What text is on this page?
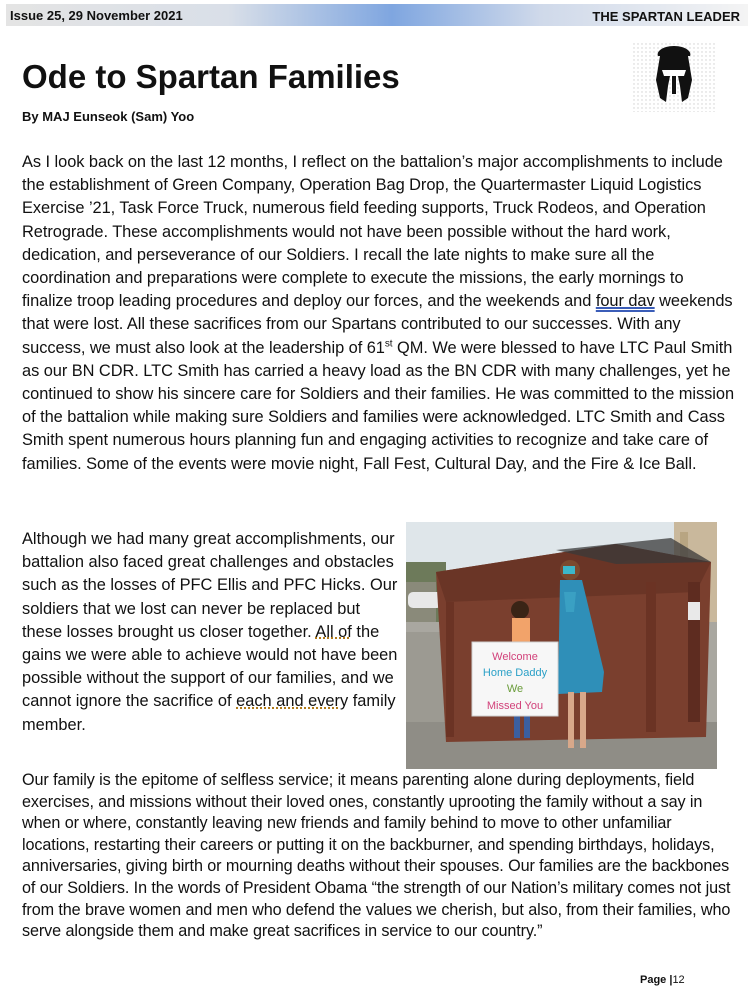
Issue 25, 29 November 2021	THE SPARTAN LEADER
Ode to Spartan Families
By MAJ Eunseok (Sam) Yoo

As I look back on the last 12 months, I reflect on the battalion’s major accomplishments to include the establishment of Green Company, Operation Bag Drop, the Quartermaster Liquid Logistics Exercise ’21, Task Force Truck, numerous field feeding supports, Truck Rodeos, and Operation Retrograde. These accomplishments would not have been possible without the hard work, dedication, and perseverance of our Soldiers. I recall the late nights to make sure all the coordination and preparations were complete to execute the missions, the early mornings to finalize troop leading procedures and deploy our forces, and the weekends and four dav weekends that were lost. All these sacrifices from our Spartans contributed to our successes. With any success, we must also look at the leadership of 61st QM. We were blessed to have LTC Paul Smith as our BN CDR. LTC Smith has carried a heavy load as the BN CDR with many challenges, yet he continued to show his sincere care for Soldiers and their families. He was committed to the mission of the battalion while making sure Soldiers and families were acknowledged. LTC Smith and Cass Smith spent numerous hours planning fun and engaging activities to recognize and take care of families. Some of the events were movie night, Fall Fest, Cultural Day, and the Fire & Ice Ball.

Although we had many great accomplishments, our battalion also faced great challenges and obstacles such as the losses of PFC Ellis and PFC Hicks. Our soldiers that we lost can never be replaced but these losses brought us closer together. All of the gains we were able to achieve would not have been possible without the support of our families, and we cannot ignore the sacrifice of each and every family member.

Welcome
Home Daddy
We
Missed You

Our family is the epitome of selfless service; it means parenting alone during deployments, field exercises, and missions without their loved ones, constantly uprooting the family without a say in when or where, constantly leaving new friends and family behind to move to other unfamiliar locations, restarting their careers or putting it on the backburner, and spending birthdays, holidays, anniversaries, giving birth or mourning deaths without their spouses. Our families are the backbones of our Soldiers. In the words of President Obama “the strength of our Nation’s military comes not just from the brave women and men who defend the values we cherish, but also, from their families, who serve alongside them and make great sacrifices in service to our country.”

Page |12
